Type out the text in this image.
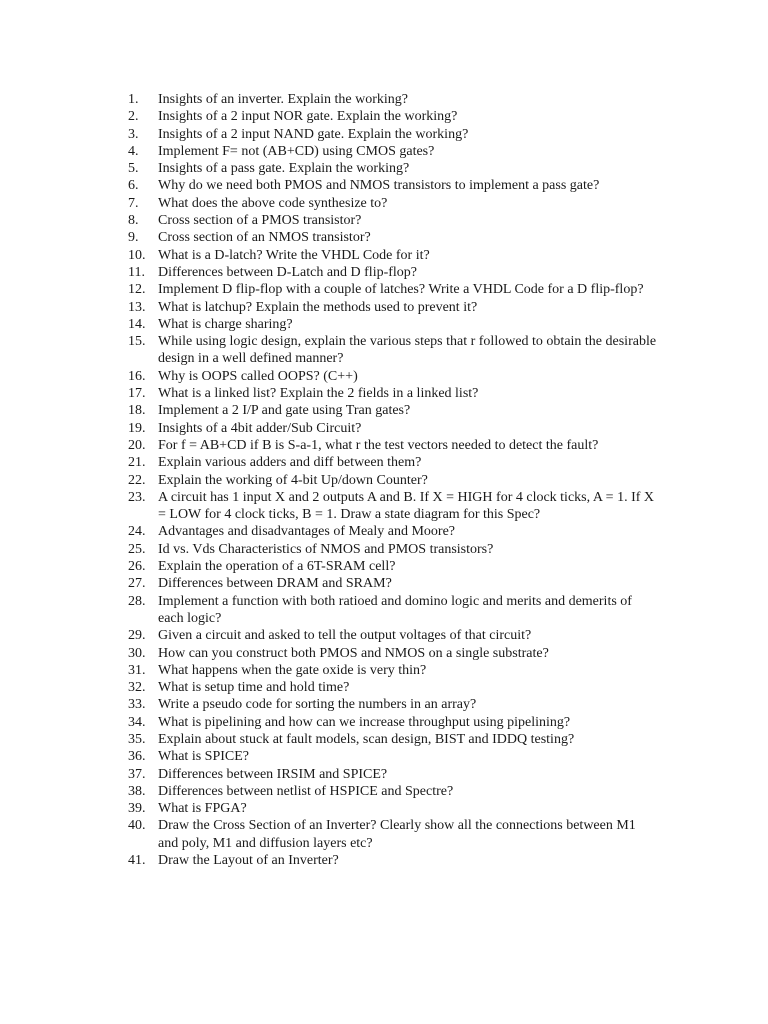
1.	Insights of an inverter. Explain the working?
2.	Insights of a 2 input NOR gate. Explain the working?
3.	Insights of a 2 input NAND gate. Explain the working?
4.	Implement F= not (AB+CD) using CMOS gates?
5.	Insights of a pass gate. Explain the working?
6.	Why do we need both PMOS and NMOS transistors to implement a pass gate?
7.	What does the above code synthesize to?
8.	Cross section of a PMOS transistor?
9.	Cross section of an NMOS transistor?
10. What is a D-latch? Write the VHDL Code for it?
11. Differences between D-Latch and D flip-flop?
12. Implement D flip-flop with a couple of latches? Write a VHDL Code for a D flip-flop?
13. What is latchup? Explain the methods used to prevent it?
14. What is charge sharing?
15. While using logic design, explain the various steps that r followed to obtain the desirable design in a well defined manner?
16. Why is OOPS called OOPS? (C++)
17. What is a linked list? Explain the 2 fields in a linked list?
18. Implement a 2 I/P and gate using Tran gates?
19. Insights of a 4bit adder/Sub Circuit?
20. For f = AB+CD if B is S-a-1, what r the test vectors needed to detect the fault?
21. Explain various adders and diff between them?
22. Explain the working of 4-bit Up/down Counter?
23. A circuit has 1 input X and 2 outputs A and B. If X = HIGH for 4 clock ticks, A = 1. If X = LOW for 4 clock ticks, B = 1. Draw a state diagram for this Spec?
24. Advantages and disadvantages of Mealy and Moore?
25. Id vs. Vds Characteristics of NMOS and PMOS transistors?
26. Explain the operation of a 6T-SRAM cell?
27. Differences between DRAM and SRAM?
28. Implement a function with both ratioed and domino logic and merits and demerits of each logic?
29. Given a circuit and asked to tell the output voltages of that circuit?
30. How can you construct both PMOS and NMOS on a single substrate?
31. What happens when the gate oxide is very thin?
32. What is setup time and hold time?
33. Write a pseudo code for sorting the numbers in an array?
34. What is pipelining and how can we increase throughput using pipelining?
35. Explain about stuck at fault models, scan design, BIST and IDDQ testing?
36. What is SPICE?
37. Differences between IRSIM and SPICE?
38. Differences between netlist of HSPICE and Spectre?
39. What is FPGA?
40. Draw the Cross Section of an Inverter? Clearly show all the connections between M1 and poly, M1 and diffusion layers etc?
41. Draw the Layout of an Inverter?
